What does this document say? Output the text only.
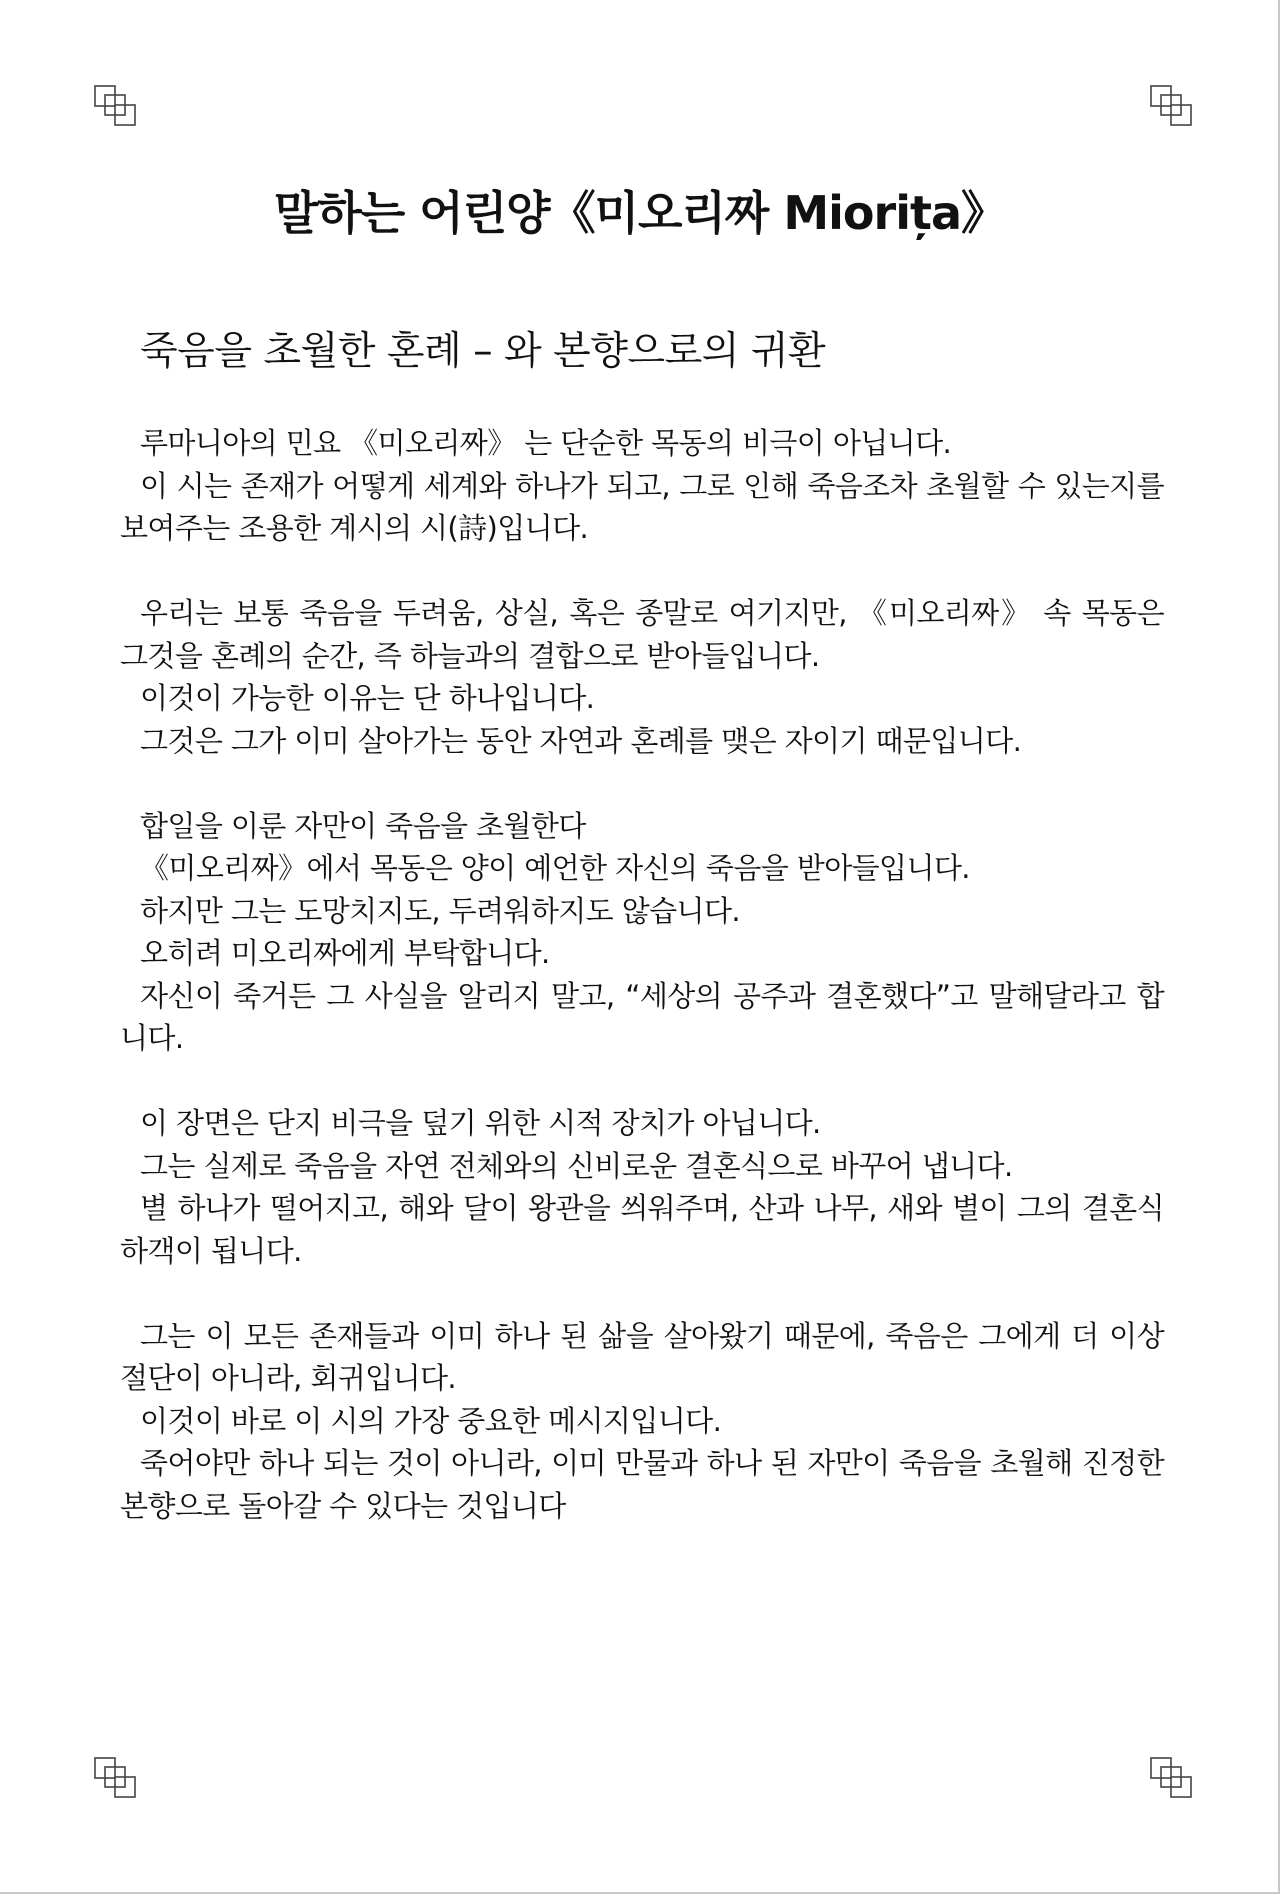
말하는 어린양《미오리짜 Miorița》
죽음을 초월한 혼례 – 와 본향으로의 귀환
루마니아의 민요 《미오리짜》 는 단순한 목동의 비극이 아닙니다.
이 시는 존재가 어떻게 세계와 하나가 되고, 그로 인해 죽음조차 초월할 수 있는지를 보여주는 조용한 계시의 시(詩)입니다.
우리는 보통 죽음을 두려움, 상실, 혹은 종말로 여기지만, 《미오리짜》 속 목동은 그것을 혼례의 순간, 즉 하늘과의 결합으로 받아들입니다.
이것이 가능한 이유는 단 하나입니다.
그것은 그가 이미 살아가는 동안 자연과 혼례를 맺은 자이기 때문입니다.
합일을 이룬 자만이 죽음을 초월한다
《미오리짜》에서 목동은 양이 예언한 자신의 죽음을 받아들입니다.
하지만 그는 도망치지도, 두려워하지도 않습니다.
오히려 미오리짜에게 부탁합니다.
자신이 죽거든 그 사실을 알리지 말고, “세상의 공주과 결혼했다”고 말해달라고 합니다.
이 장면은 단지 비극을 덮기 위한 시적 장치가 아닙니다.
그는 실제로 죽음을 자연 전체와의 신비로운 결혼식으로 바꾸어 냅니다.
별 하나가 떨어지고, 해와 달이 왕관을 씌워주며, 산과 나무, 새와 별이 그의 결혼식 하객이 됩니다.
그는 이 모든 존재들과 이미 하나 된 삶을 살아왔기 때문에, 죽음은 그에게 더 이상 절단이 아니라, 회귀입니다.
이것이 바로 이 시의 가장 중요한 메시지입니다.
죽어야만 하나 되는 것이 아니라, 이미 만물과 하나 된 자만이 죽음을 초월해 진정한 본향으로 돌아갈 수 있다는 것입니다
